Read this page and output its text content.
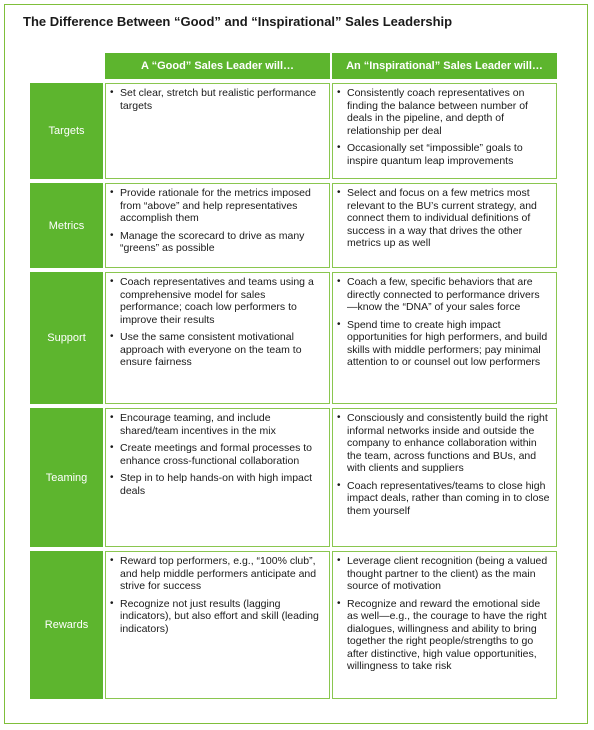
The Difference Between “Good” and “Inspirational” Sales Leadership
A “Good” Sales Leader will…	An “Inspirational” Sales Leader will…
Targets
• Set clear, stretch but realistic performance targets
• Consistently coach representatives on finding the balance between number of deals in the pipeline, and depth of relationship per deal
• Occasionally set “impossible” goals to inspire quantum leap improvements
Metrics
• Provide rationale for the metrics imposed from “above” and help representatives accomplish them
• Manage the scorecard to drive as many “greens” as possible
• Select and focus on a few metrics most relevant to the BU’s current strategy, and connect them to individual definitions of success in a way that drives the other metrics up as well
Support
• Coach representatives and teams using a comprehensive model for sales performance; coach low performers to improve their results
• Use the same consistent motivational approach with everyone on the team to ensure fairness
• Coach a few, specific behaviors that are directly connected to performance drivers—know the “DNA” of your sales force
• Spend time to create high impact opportunities for high performers, and build skills with middle performers; pay minimal attention to or counsel out low performers
Teaming
• Encourage teaming, and include shared/team incentives in the mix
• Create meetings and formal processes to enhance cross-functional collaboration
• Step in to help hands-on with high impact deals
• Consciously and consistently build the right informal networks inside and outside the company to enhance collaboration within the team, across functions and BUs, and with clients and suppliers
• Coach representatives/teams to close high impact deals, rather than coming in to close them yourself
Rewards
• Reward top performers, e.g., “100% club”, and help middle performers anticipate and strive for success
• Recognize not just results (lagging indicators), but also effort and skill (leading indicators)
• Leverage client recognition (being a valued thought partner to the client) as the main source of motivation
• Recognize and reward the emotional side as well—e.g., the courage to have the right dialogues, willingness and ability to bring together the right people/strengths to go after distinctive, high value opportunities, willingness to take risk
